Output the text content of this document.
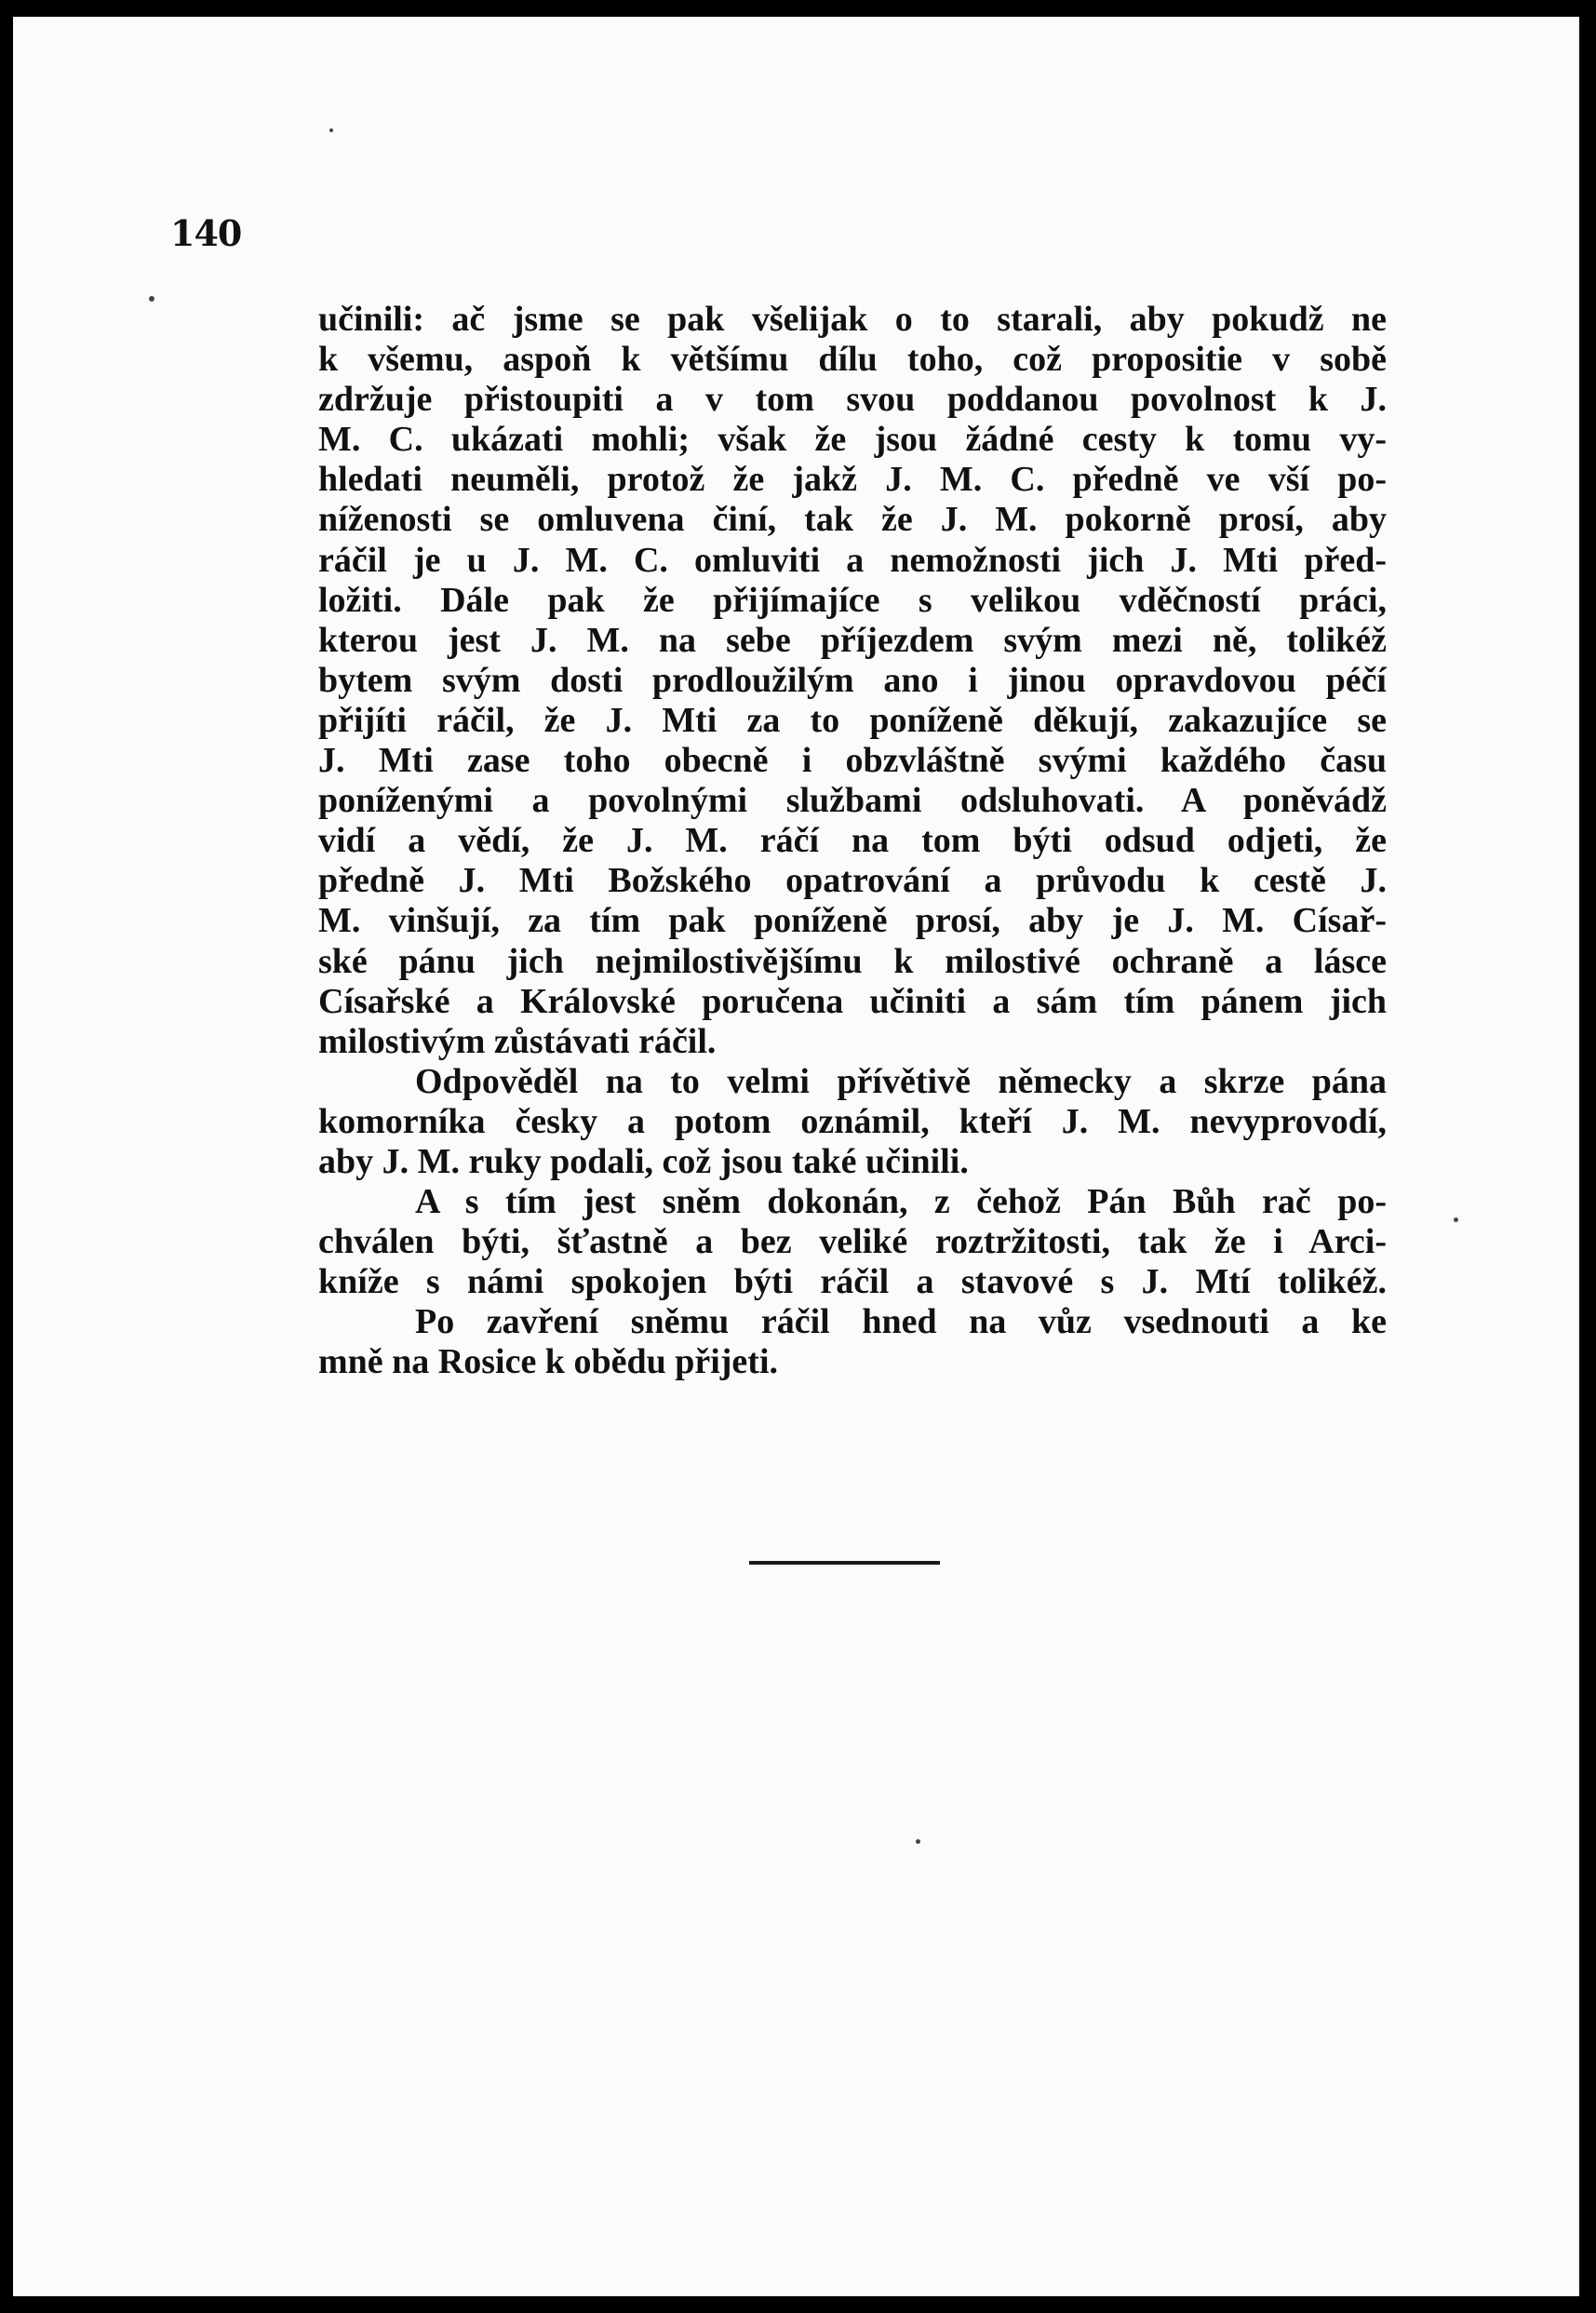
140
učinili: ač jsme se pak všelijak o to starali, aby pokudž ne
k všemu, aspoň k většímu dílu toho, což propositie v sobě
zdržuje přistoupiti a v tom svou poddanou povolnost k J.
M. C. ukázati mohli; však že jsou žádné cesty k tomu vy-
hledati neuměli, protož že jakž J. M. C. předně ve vší po-
níženosti se omluvena činí, tak že J. M. pokorně prosí, aby
ráčil je u J. M. C. omluviti a nemožnosti jich J. Mti před-
ložiti. Dále pak že přijímajíce s velikou vděčností práci,
kterou jest J. M. na sebe příjezdem svým mezi ně, tolikéž
bytem svým dosti prodloužilým ano i jinou opravdovou péčí
přijíti ráčil, že J. Mti za to poníženě děkují, zakazujíce se
J. Mti zase toho obecně i obzvláštně svými každého času
poníženými a povolnými službami odsluhovati. A poněvádž
vidí a vědí, že J. M. ráčí na tom býti odsud odjeti, že
předně J. Mti Božského opatrování a průvodu k cestě J.
M. vinšují, za tím pak poníženě prosí, aby je J. M. Císař-
ské pánu jich nejmilostivějšímu k milostivé ochraně a lásce
Císařské a Královské poručena učiniti a sám tím pánem jich
milostivým zůstávati ráčil.
Odpověděl na to velmi přívětivě německy a skrze pána
komorníka česky a potom oznámil, kteří J. M. nevyprovodí,
aby J. M. ruky podali, což jsou také učinili.
A s tím jest sněm dokonán, z čehož Pán Bůh rač po-
chválen býti, šťastně a bez veliké roztržitosti, tak že i Arci-
kníže s námi spokojen býti ráčil a stavové s J. Mtí tolikéž.
Po zavření sněmu ráčil hned na vůz vsednouti a ke
mně na Rosice k obědu přijeti.
